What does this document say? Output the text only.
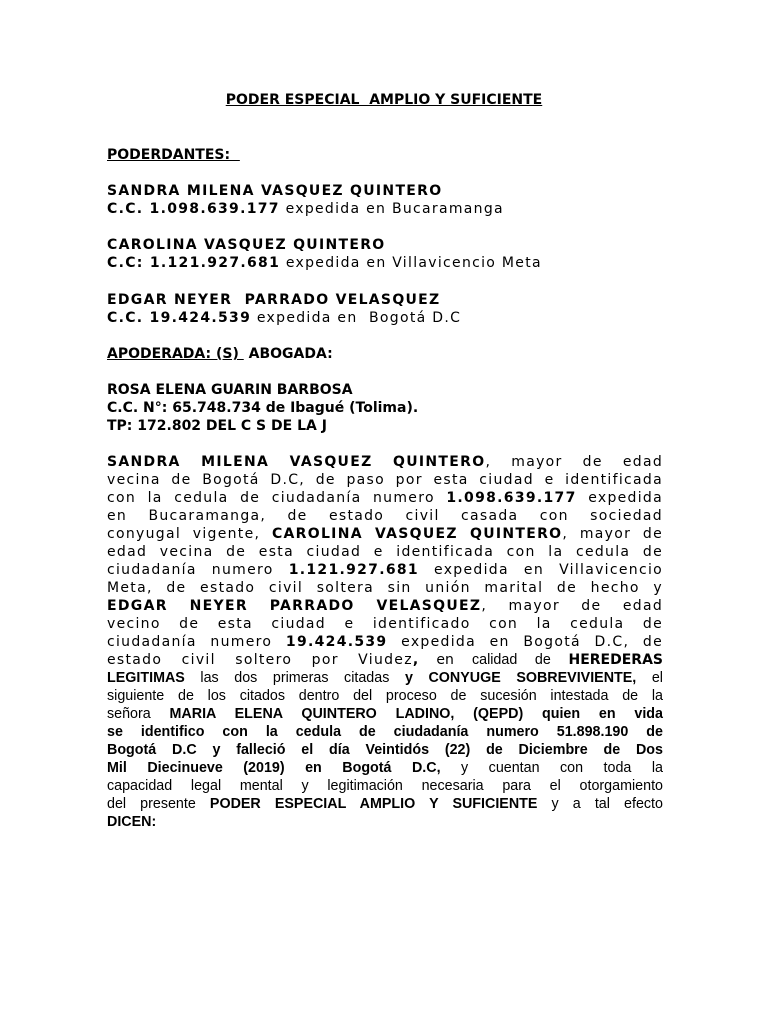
PODER ESPECIAL  AMPLIO Y SUFICIENTE
PODERDANTES:
SANDRA MILENA VASQUEZ QUINTERO
C.C. 1.098.639.177 expedida en Bucaramanga
CAROLINA VASQUEZ QUINTERO
C.C: 1.121.927.681 expedida en Villavicencio Meta
EDGAR NEYER  PARRADO VELASQUEZ
C.C. 19.424.539 expedida en  Bogotá D.C
APODERADA: (S)  ABOGADA:
ROSA ELENA GUARIN BARBOSA
C.C. N°: 65.748.734 de Ibagué (Tolima).
TP: 172.802 DEL C S DE LA J
SANDRA MILENA VASQUEZ QUINTERO, mayor de edad
vecina de Bogotá D.C, de paso por esta ciudad e identificada
con la cedula de ciudadanía numero 1.098.639.177 expedida
en Bucaramanga, de estado civil casada con sociedad
conyugal vigente, CAROLINA VASQUEZ QUINTERO, mayor de
edad vecina de esta ciudad e identificada con la cedula de
ciudadanía numero 1.121.927.681 expedida en Villavicencio
Meta, de estado civil soltera sin unión marital de hecho y
EDGAR NEYER PARRADO VELASQUEZ, mayor de edad
vecino de esta ciudad e identificado con la cedula de
ciudadanía numero 19.424.539 expedida en Bogotá D.C, de
estado civil soltero por Viudez, en calidad de HEREDERAS
LEGITIMAS las dos primeras citadas y CONYUGE SOBREVIVIENTE, el
siguiente de los citados dentro del proceso de sucesión intestada de la
señora MARIA ELENA QUINTERO LADINO, (QEPD) quien en vida
se identifico con la cedula de ciudadanía numero 51.898.190 de
Bogotá D.C y falleció el día Veintidós (22) de Diciembre de Dos
Mil Diecinueve (2019) en Bogotá D.C, y cuentan con toda la
capacidad legal mental y legitimación necesaria para el otorgamiento
del presente PODER ESPECIAL AMPLIO Y SUFICIENTE y a tal efecto
DICEN:
